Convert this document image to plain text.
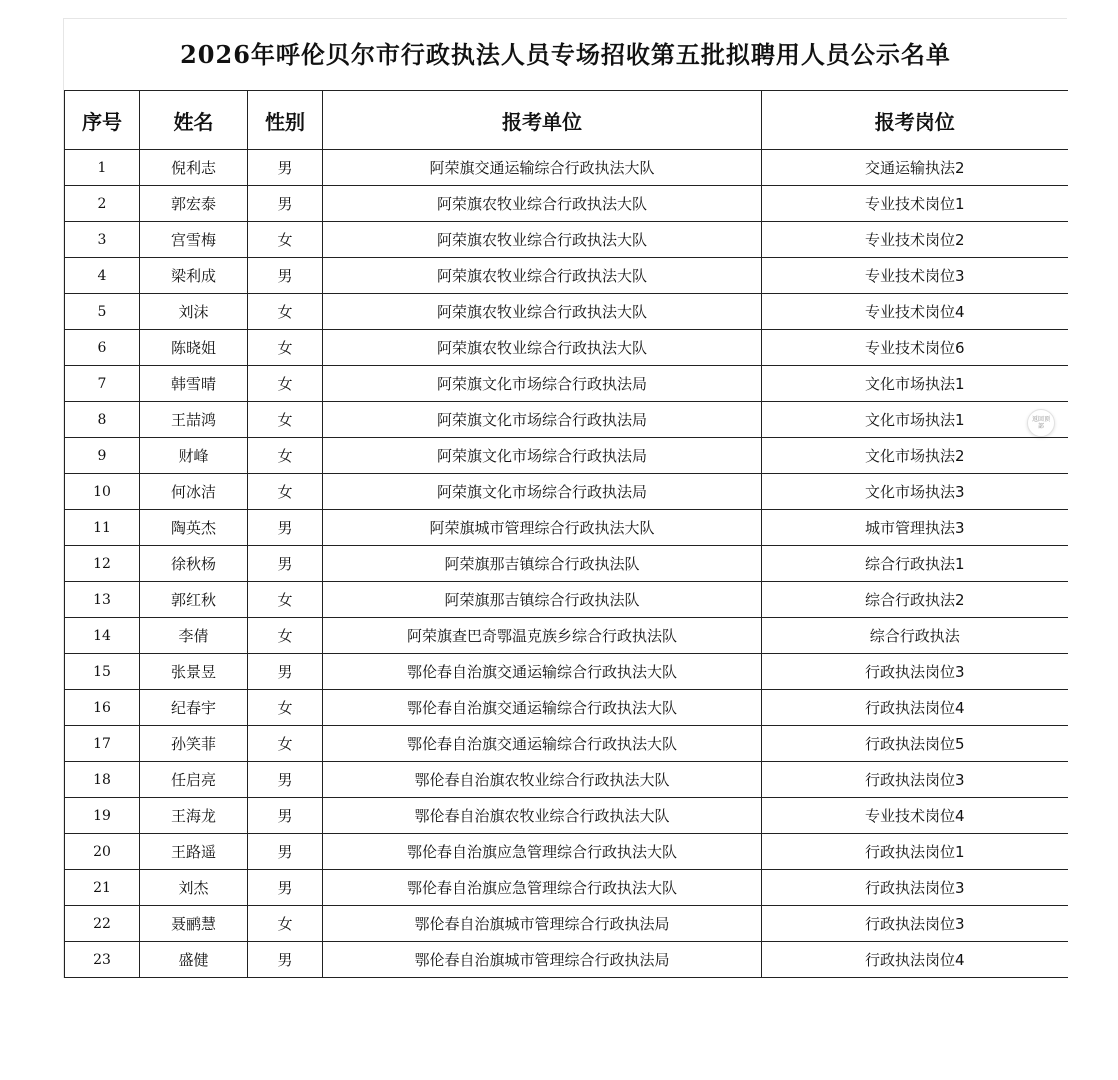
2026年呼伦贝尔市行政执法人员专场招收第五批拟聘用人员公示名单
序号	姓名	性别	报考单位	报考岗位
1	倪利志	男	阿荣旗交通运输综合行政执法大队	交通运输执法2
2	郭宏泰	男	阿荣旗农牧业综合行政执法大队	专业技术岗位1
3	宫雪梅	女	阿荣旗农牧业综合行政执法大队	专业技术岗位2
4	梁利成	男	阿荣旗农牧业综合行政执法大队	专业技术岗位3
5	刘沫	女	阿荣旗农牧业综合行政执法大队	专业技术岗位4
6	陈晓姐	女	阿荣旗农牧业综合行政执法大队	专业技术岗位6
7	韩雪晴	女	阿荣旗文化市场综合行政执法局	文化市场执法1
8	王喆鸿	女	阿荣旗文化市场综合行政执法局	文化市场执法1
9	财峰	女	阿荣旗文化市场综合行政执法局	文化市场执法2
10	何冰洁	女	阿荣旗文化市场综合行政执法局	文化市场执法3
11	陶英杰	男	阿荣旗城市管理综合行政执法大队	城市管理执法3
12	徐秋杨	男	阿荣旗那吉镇综合行政执法队	综合行政执法1
13	郭红秋	女	阿荣旗那吉镇综合行政执法队	综合行政执法2
14	李倩	女	阿荣旗查巴奇鄂温克族乡综合行政执法队	综合行政执法
15	张景昱	男	鄂伦春自治旗交通运输综合行政执法大队	行政执法岗位3
16	纪春宇	女	鄂伦春自治旗交通运输综合行政执法大队	行政执法岗位4
17	孙笑菲	女	鄂伦春自治旗交通运输综合行政执法大队	行政执法岗位5
18	任启亮	男	鄂伦春自治旗农牧业综合行政执法大队	行政执法岗位3
19	王海龙	男	鄂伦春自治旗农牧业综合行政执法大队	专业技术岗位4
20	王路遥	男	鄂伦春自治旗应急管理综合行政执法大队	行政执法岗位1
21	刘杰	男	鄂伦春自治旗应急管理综合行政执法大队	行政执法岗位3
22	聂鹂慧	女	鄂伦春自治旗城市管理综合行政执法局	行政执法岗位3
23	盛健	男	鄂伦春自治旗城市管理综合行政执法局	行政执法岗位4
返回顶部
